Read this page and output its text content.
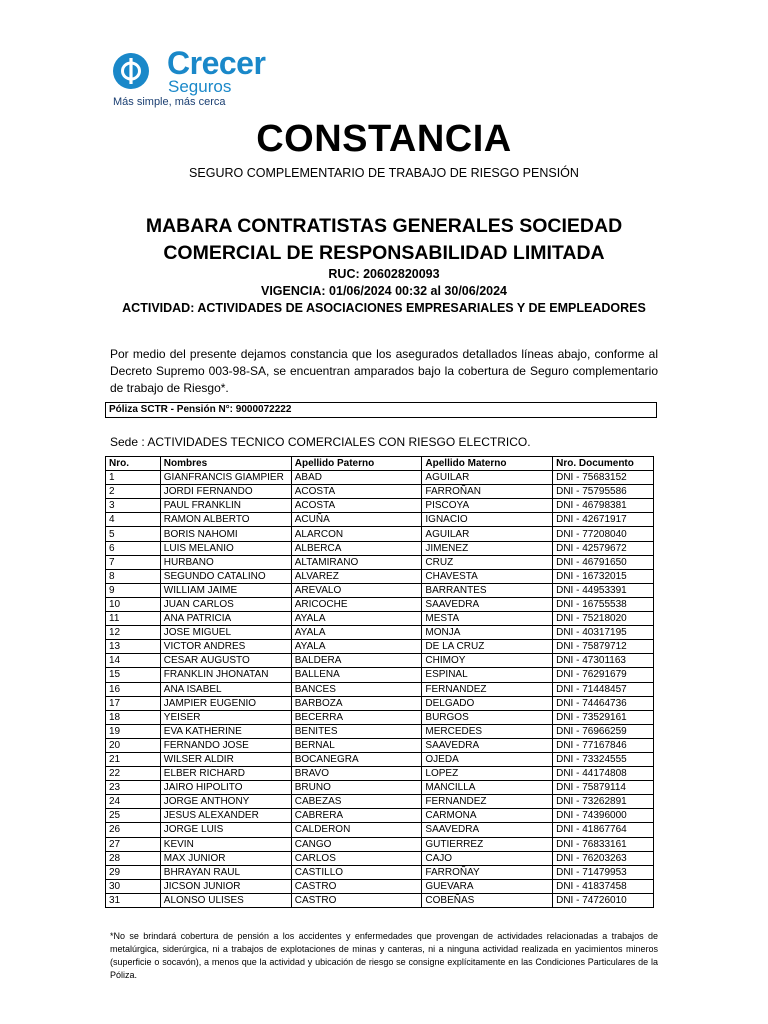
Crecer
Seguros
Más simple, más cerca
CONSTANCIA
SEGURO COMPLEMENTARIO DE TRABAJO DE RIESGO PENSIÓN
MABARA CONTRATISTAS GENERALES SOCIEDAD
COMERCIAL DE RESPONSABILIDAD LIMITADA
RUC: 20602820093
VIGENCIA: 01/06/2024 00:32 al 30/06/2024
ACTIVIDAD: ACTIVIDADES DE ASOCIACIONES EMPRESARIALES Y DE EMPLEADORES

Por medio del presente dejamos constancia que los asegurados detallados líneas abajo, conforme al Decreto Supremo 003-98-SA, se encuentran amparados bajo la cobertura de Seguro complementario de trabajo de Riesgo*.

Póliza SCTR - Pensión N°: 9000072222
Sede : ACTIVIDADES TECNICO COMERCIALES CON RIESGO ELECTRICO.
Nro.	Nombres	Apellido Paterno	Apellido Materno	Nro. Documento
1	GIANFRANCIS GIAMPIER	ABAD	AGUILAR	DNI - 75683152
2	JORDI FERNANDO	ACOSTA	FARROÑAN	DNI - 75795586
3	PAUL FRANKLIN	ACOSTA	PISCOYA	DNI - 46798381
4	RAMON ALBERTO	ACUÑA	IGNACIO	DNI - 42671917
5	BORIS NAHOMI	ALARCON	AGUILAR	DNI - 77208040
6	LUIS MELANIO	ALBERCA	JIMENEZ	DNI - 42579672
7	HURBANO	ALTAMIRANO	CRUZ	DNI - 46791650
8	SEGUNDO CATALINO	ALVAREZ	CHAVESTA	DNI - 16732015
9	WILLIAM JAIME	AREVALO	BARRANTES	DNI - 44953391
10	JUAN CARLOS	ARICOCHE	SAAVEDRA	DNI - 16755538
11	ANA PATRICIA	AYALA	MESTA	DNI - 75218020
12	JOSE MIGUEL	AYALA	MONJA	DNI - 40317195
13	VICTOR ANDRES	AYALA	DE LA CRUZ	DNI - 75879712
14	CESAR AUGUSTO	BALDERA	CHIMOY	DNI - 47301163
15	FRANKLIN JHONATAN	BALLENA	ESPINAL	DNI - 76291679
16	ANA ISABEL	BANCES	FERNANDEZ	DNI - 71448457
17	JAMPIER EUGENIO	BARBOZA	DELGADO	DNI - 74464736
18	YEISER	BECERRA	BURGOS	DNI - 73529161
19	EVA KATHERINE	BENITES	MERCEDES	DNI - 76966259
20	FERNANDO JOSE	BERNAL	SAAVEDRA	DNI - 77167846
21	WILSER ALDIR	BOCANEGRA	OJEDA	DNI - 73324555
22	ELBER RICHARD	BRAVO	LOPEZ	DNI - 44174808
23	JAIRO HIPOLITO	BRUNO	MANCILLA	DNI - 75879114
24	JORGE ANTHONY	CABEZAS	FERNANDEZ	DNI - 73262891
25	JESUS ALEXANDER	CABRERA	CARMONA	DNI - 74396000
26	JORGE LUIS	CALDERON	SAAVEDRA	DNI - 41867764
27	KEVIN	CANGO	GUTIERREZ	DNI - 76833161
28	MAX JUNIOR	CARLOS	CAJO	DNI - 76203263
29	BHRAYAN RAUL	CASTILLO	FARROÑAY	DNI - 71479953
30	JICSON JUNIOR	CASTRO	GUEVARA	DNI - 41837458
31	ALONSO ULISES	CASTRO	COBEÑAS	DNI - 74726010

*No se brindará cobertura de pensión a los accidentes y enfermedades que provengan de actividades relacionadas a trabajos de metalúrgica, siderúrgica, ni a trabajos de explotaciones de minas y canteras, ni a ninguna actividad realizada en yacimientos mineros (superficie o socavón), a menos que la actividad y ubicación de riesgo se consigne explícitamente en las Condiciones Particulares de la Póliza.
